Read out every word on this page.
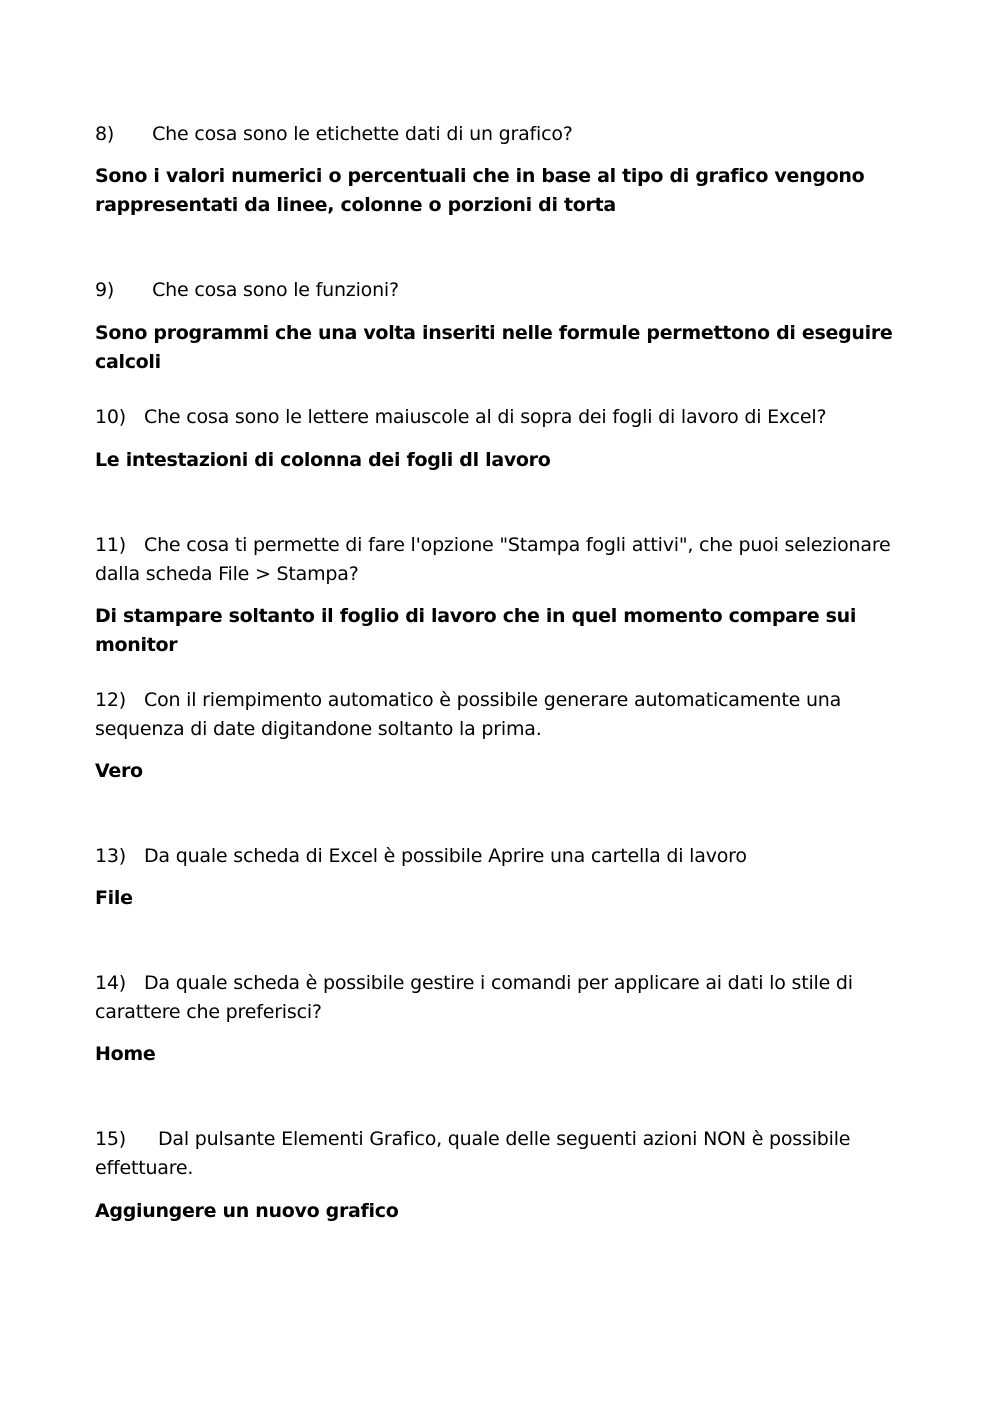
8) Che cosa sono le etichette dati di un grafico?
Sono i valori numerici o percentuali che in base al tipo di grafico vengono rappresentati da linee, colonne o porzioni di torta
9) Che cosa sono le funzioni?
Sono programmi che una volta inseriti nelle formule permettono di eseguire calcoli
10) Che cosa sono le lettere maiuscole al di sopra dei fogli di lavoro di Excel?
Le intestazioni di colonna dei fogli dl lavoro
11) Che cosa ti permette di fare l'opzione "Stampa fogli attivi", che puoi selezionare dalla scheda File > Stampa?
Di stampare soltanto il foglio di lavoro che in quel momento compare sui monitor
12) Con il riempimento automatico è possibile generare automaticamente una sequenza di date digitandone soltanto la prima.
Vero
13) Da quale scheda di Excel è possibile Aprire una cartella di lavoro
File
14) Da quale scheda è possibile gestire i comandi per applicare ai dati lo stile di carattere che preferisci?
Home
15) Dal pulsante Elementi Grafico, quale delle seguenti azioni NON è possibile effettuare.
Aggiungere un nuovo grafico
